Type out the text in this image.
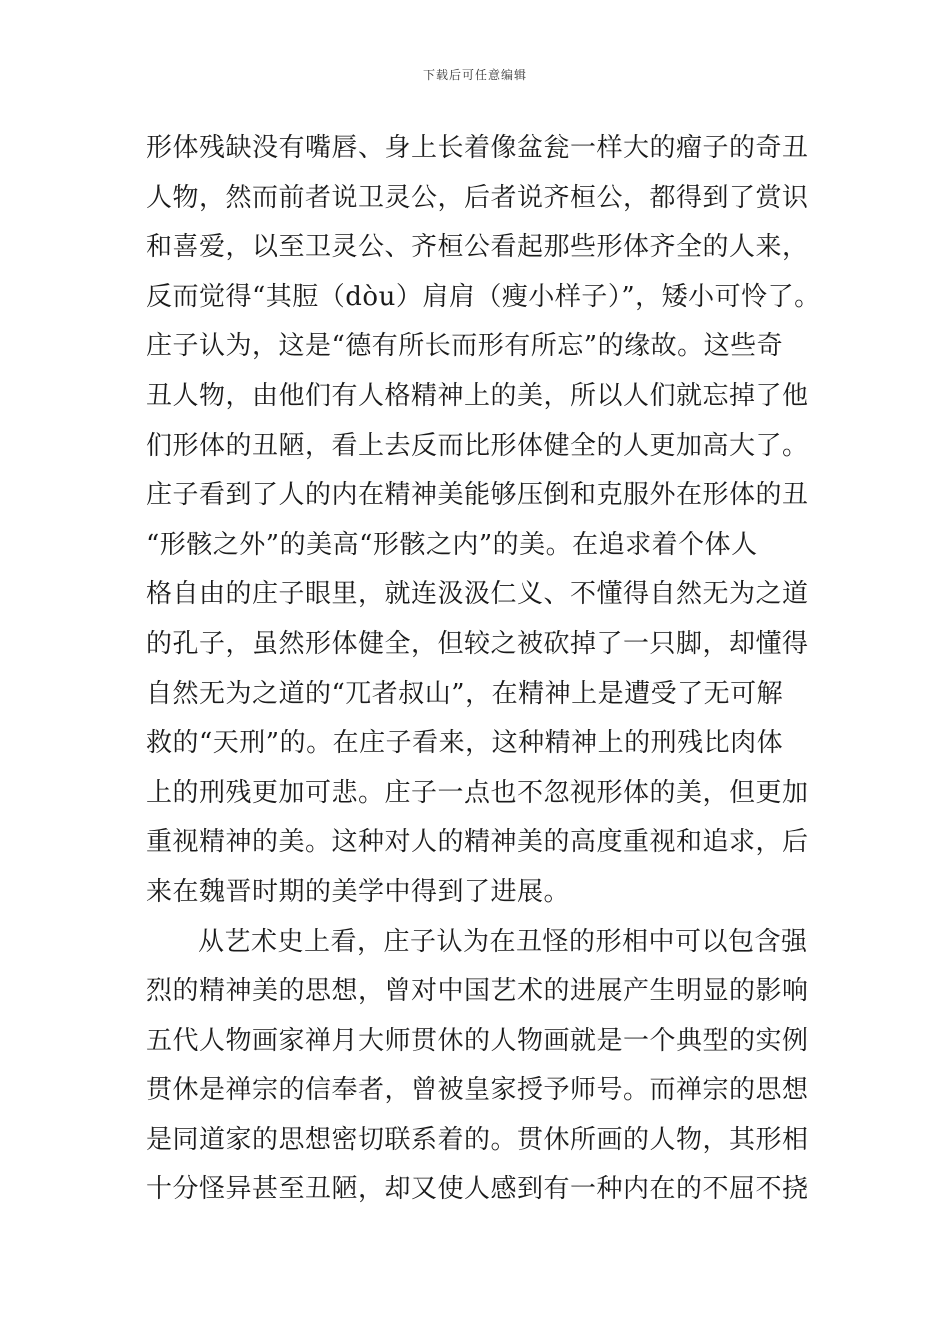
下载后可任意编辑
形体残缺没有嘴唇、身上长着像盆瓮一样大的瘤子的奇丑
人物，然而前者说卫灵公，后者说齐桓公，都得到了赏识
和喜爱，以至卫灵公、齐桓公看起那些形体齐全的人来，
反而觉得“其脰（dòu）肩肩（瘦小样子）”，矮小可怜了。
庄子认为，这是“德有所长而形有所忘”的缘故。这些奇
丑人物，由他们有人格精神上的美，所以人们就忘掉了他
们形体的丑陋，看上去反而比形体健全的人更加高大了。
庄子看到了人的内在精神美能够压倒和克服外在形体的丑
“形骸之外”的美高“形骸之内”的美。在追求着个体人
格自由的庄子眼里，就连汲汲仁义、不懂得自然无为之道
的孔子，虽然形体健全，但较之被砍掉了一只脚，却懂得
自然无为之道的“兀者叔山”，在精神上是遭受了无可解
救的“天刑”的。在庄子看来，这种精神上的刑残比肉体
上的刑残更加可悲。庄子一点也不忽视形体的美，但更加
重视精神的美。这种对人的精神美的高度重视和追求，后
来在魏晋时期的美学中得到了进展。
从艺术史上看，庄子认为在丑怪的形相中可以包含强
烈的精神美的思想，曾对中国艺术的进展产生明显的影响
五代人物画家禅月大师贯休的人物画就是一个典型的实例
贯休是禅宗的信奉者，曾被皇家授予师号。而禅宗的思想
是同道家的思想密切联系着的。贯休所画的人物，其形相
十分怪异甚至丑陋，却又使人感到有一种内在的不屈不挠
